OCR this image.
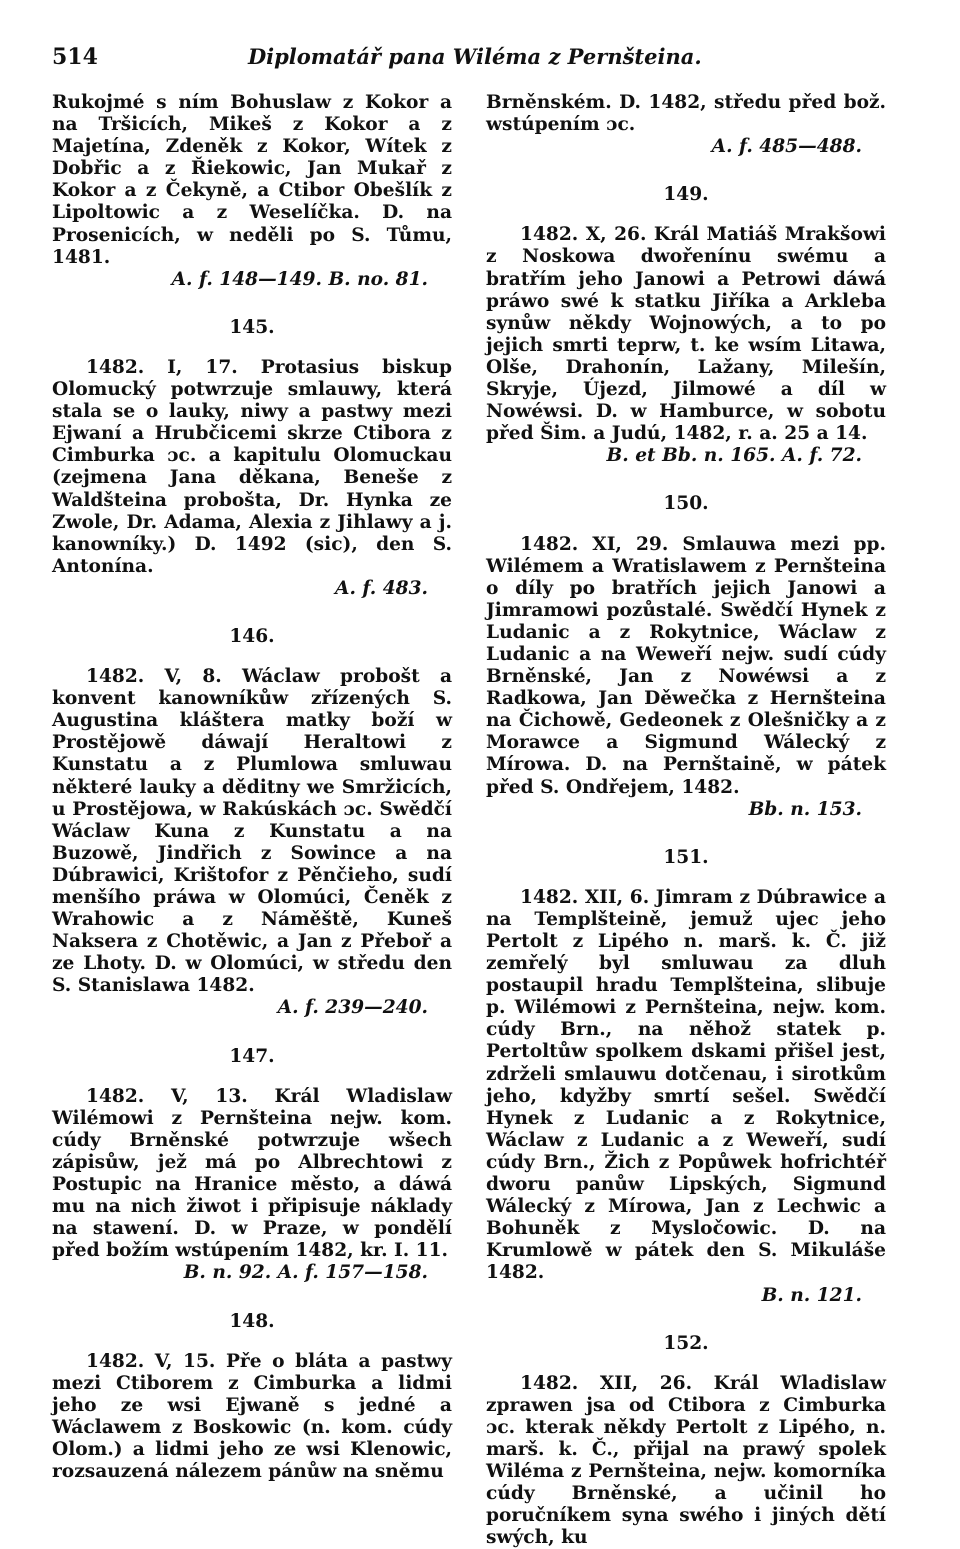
514	Diplomatář pana Wiléma z Pernšteina.

Rukojmé s ním Bohuslaw z Kokor a na Tršicích, Mikeš z Kokor a z Majetína, Zdeněk z Kokor, Wítek z Dobřic a z Řiekowic, Jan Mukař z Kokor a z Čekyně, a Ctibor Obešlík z Lipoltowic a z Weselíčka. D. na Prosenicích, w neděli po S. Tůmu, 1481.

A. f. 148—149. B. no. 81.

145.

1482. I, 17. Protasius biskup Olomucký potwrzuje smlauwy, která stala se o lauky, niwy a pastwy mezi Ejwaní a Hrubčicemi skrze Ctibora z Cimburka ɔc. a kapitulu Olomuckau (zejmena Jana děkana, Beneše z Waldšteina probošta, Dr. Hynka ze Zwole, Dr. Adama, Alexia z Jihlawy a j. kanowníky.) D. 1492 (sic), den S. Antonína.

A. f. 483.

146.

1482. V, 8. Wáclaw probošt a konvent kanowníkůw zřízených S. Augustina kláštera matky boží w Prostějowě dáwají Heraltowi z Kunstatu a z Plumlowa smluwau některé lauky a děditny we Smržicích, u Prostějowa, w Rakúskách ɔc. Swědčí Wáclaw Kuna z Kunstatu a na Buzowě, Jindřich z Sowince a na Dúbrawici, Krištofor z Pěnčieho, sudí menšího práwa w Olomúci, Čeněk z Wrahowic a z Náměště, Kuneš Naksera z Chotěwic, a Jan z Přeboř a ze Lhoty. D. w Olomúci, w středu den S. Stanislawa 1482.

A. f. 239—240.

147.

1482. V, 13. Král Wladislaw Wilémowi z Pernšteina nejw. kom. cúdy Brněnské potwrzuje wšech zápisůw, jež má po Albrechtowi z Postupic na Hranice město, a dáwá mu na nich žiwot i připisuje náklady na stawení. D. w Praze, w pondělí před božím wstúpením 1482, kr. I. 11.

B. n. 92. A. f. 157—158.

148.

1482. V, 15. Pře o bláta a pastwy mezi Ctiborem z Cimburka a lidmi jeho ze wsi Ejwaně s jedné a Wáclawem z Boskowic (n. kom. cúdy Olom.) a lidmi jeho ze wsi Klenowic, rozsauzená nálezem pánůw na sněmu

Brněnském. D. 1482, středu před bož. wstúpením ɔc.

A. f. 485—488.

149.

1482. X, 26. Král Matiáš Mrakšowi z Noskowa dwořenínu swému a bratřím jeho Janowi a Petrowi dáwá práwo swé k statku Jiříka a Arkleba synůw někdy Wojnowých, a to po jejich smrti teprw, t. ke wsím Litawa, Olše, Drahonín, Lažany, Milešín, Skryje, Újezd, Jilmowé a díl w Nowéwsi. D. w Hamburce, w sobotu před Šim. a Judú, 1482, r. a. 25 a 14.

B. et Bb. n. 165. A. f. 72.

150.

1482. XI, 29. Smlauwa mezi pp. Wilémem a Wratislawem z Pernšteina o díly po bratřích jejich Janowi a Jimramowi pozůstalé. Swědčí Hynek z Ludanic a z Rokytnice, Wáclaw z Ludanic a na Weweří nejw. sudí cúdy Brněnské, Jan z Nowéwsi a z Radkowa, Jan Děwečka z Hernšteina na Čichowě, Gedeonek z Olešničky a z Morawce a Sigmund Wálecký z Mírowa. D. na Pernštaině, w pátek před S. Ondřejem, 1482.

Bb. n. 153.

151.

1482. XII, 6. Jimram z Dúbrawice a na Templšteině, jemuž ujec jeho Pertolt z Lipého n. marš. k. Č. již zemřelý byl smluwau za dluh postaupil hradu Templšteina, slibuje p. Wilémowi z Pernšteina, nejw. kom. cúdy Brn., na něhož statek p. Pertoltůw spolkem dskami přišel jest, zdrželi smlauwu dotčenau, i sirotkům jeho, kdyžby smrtí sešel. Swědčí Hynek z Ludanic a z Rokytnice, Wáclaw z Ludanic a z Weweří, sudí cúdy Brn., Žich z Popůwek hofrichtéř dworu panůw Lipských, Sigmund Wálecký z Mírowa, Jan z Lechwic a Bohuněk z Mysločowic. D. na Krumlowě w pátek den S. Mikuláše 1482.

B. n. 121.

152.

1482. XII, 26. Král Wladislaw zprawen jsa od Ctibora z Cimburka ɔc. kterak někdy Pertolt z Lipého, n. marš. k. Č., přijal na prawý spolek Wiléma z Pernšteina, nejw. komorníka cúdy Brněnské, a učinil ho poručníkem syna swého i jiných dětí swých, ku
